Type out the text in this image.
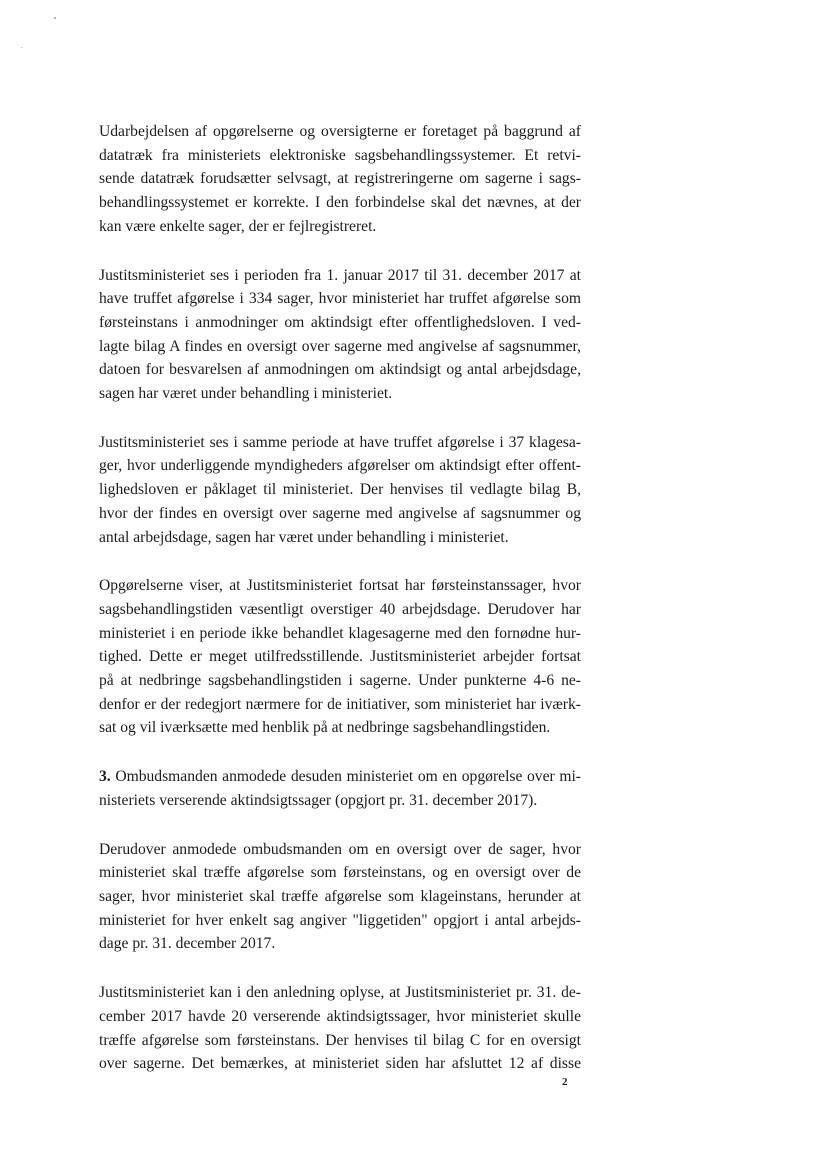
Udarbejdelsen af opgørelserne og oversigterne er foretaget på baggrund af
datatræk fra ministeriets elektroniske sagsbehandlingssystemer. Et retvi-
sende datatræk forudsætter selvsagt, at registreringerne om sagerne i sags-
behandlingssystemet er korrekte. I den forbindelse skal det nævnes, at der
kan være enkelte sager, der er fejlregistreret.

Justitsministeriet ses i perioden fra 1. januar 2017 til 31. december 2017 at
have truffet afgørelse i 334 sager, hvor ministeriet har truffet afgørelse som
førsteinstans i anmodninger om aktindsigt efter offentlighedsloven. I ved-
lagte bilag A findes en oversigt over sagerne med angivelse af sagsnummer,
datoen for besvarelsen af anmodningen om aktindsigt og antal arbejdsdage,
sagen har været under behandling i ministeriet.

Justitsministeriet ses i samme periode at have truffet afgørelse i 37 klagesa-
ger, hvor underliggende myndigheders afgørelser om aktindsigt efter offent-
lighedsloven er påklaget til ministeriet. Der henvises til vedlagte bilag B,
hvor der findes en oversigt over sagerne med angivelse af sagsnummer og
antal arbejdsdage, sagen har været under behandling i ministeriet.

Opgørelserne viser, at Justitsministeriet fortsat har førsteinstanssager, hvor
sagsbehandlingstiden væsentligt overstiger 40 arbejdsdage. Derudover har
ministeriet i en periode ikke behandlet klagesagerne med den fornødne hur-
tighed. Dette er meget utilfredsstillende. Justitsministeriet arbejder fortsat
på at nedbringe sagsbehandlingstiden i sagerne. Under punkterne 4-6 ne-
denfor er der redegjort nærmere for de initiativer, som ministeriet har iværk-
sat og vil iværksætte med henblik på at nedbringe sagsbehandlingstiden.

3. Ombudsmanden anmodede desuden ministeriet om en opgørelse over mi-
nisteriets verserende aktindsigtssager (opgjort pr. 31. december 2017).

Derudover anmodede ombudsmanden om en oversigt over de sager, hvor
ministeriet skal træffe afgørelse som førsteinstans, og en oversigt over de
sager, hvor ministeriet skal træffe afgørelse som klageinstans, herunder at
ministeriet for hver enkelt sag angiver "liggetiden" opgjort i antal arbejds-
dage pr. 31. december 2017.

Justitsministeriet kan i den anledning oplyse, at Justitsministeriet pr. 31. de-
cember 2017 havde 20 verserende aktindsigtssager, hvor ministeriet skulle
træffe afgørelse som førsteinstans. Der henvises til bilag C for en oversigt
over sagerne. Det bemærkes, at ministeriet siden har afsluttet 12 af disse

2
